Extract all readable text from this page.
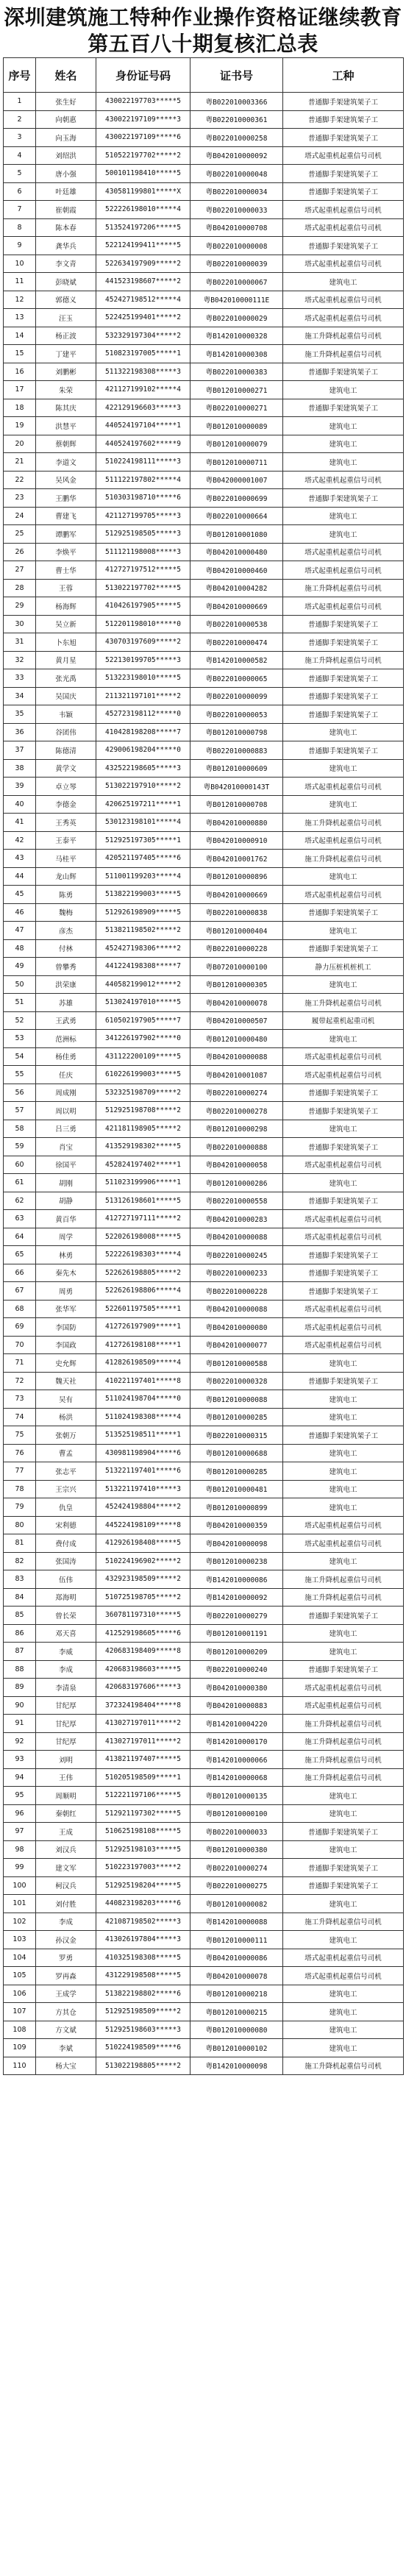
深圳建筑施工特种作业操作资格证继续教育
第五百八十期复核汇总表
序号	姓名	身份证号码	证书号	工种
1	张生好	430022197703*****5	粤B022010003366	普通脚手架建筑架子工
2	向朝惠	430022197109*****3	粤B022010000361	普通脚手架建筑架子工
3	向玉海	430022197109*****6	粤B022010000258	普通脚手架建筑架子工
4	刘绍洪	510522197702*****2	粤B042010000092	塔式起重机起重信号司机
5	唐小强	500101198410*****5	粤B022010000048	普通脚手架建筑架子工
6	叶廷雄	430581199801*****X	粤B022010000034	普通脚手架建筑架子工
7	崔朝霞	522226198010*****4	粤B022010000033	塔式起重机起重信号司机
8	陈本春	513524197206*****5	粤B042010000708	塔式起重机起重信号司机
9	龚华兵	522124199411*****5	粤B022010000008	普通脚手架建筑架子工
10	李文青	522634197909*****2	粤B022010000039	塔式起重机起重信号司机
11	彭晓斌	441523198607*****2	粤B022010000067	建筑电工
12	郭德义	452427198512*****4	粤B042010000111E	塔式起重机起重信号司机
13	汪玉	522425199401*****2	粤B022010000029	塔式起重机起重信号司机
14	杨正波	532329197304*****2	粤B142010000328	施工升降机起重信号司机
15	丁建平	510823197005*****1	粤B142010000308	施工升降机起重信号司机
16	刘鹏彬	511322198308*****3	粤B022010000383	普通脚手架建筑架子工
17	朱荣	421127199102*****4	粤B012010000271	建筑电工
18	陈其庆	422129196603*****3	粤B022010000271	普通脚手架建筑架子工
19	洪慧平	440524197104*****1	粤B012010000089	建筑电工
20	蔡朝辉	440524197602*****9	粤B012010000079	建筑电工
21	李道文	510224198111*****3	粤B012010000711	建筑电工
22	吴风金	511122197802*****4	粤B042000001007	塔式起重机起重信号司机
23	王鹏华	510303198710*****6	粤B022010000699	普通脚手架建筑架子工
24	曹建飞	421127199705*****3	粤B022010000664	建筑电工
25	谭鹏军	512925198505*****3	粤B012010001080	建筑电工
26	李焕平	511121198008*****3	粤B042010000480	塔式起重机起重信号司机
27	曹士华	412727197512*****5	粤B042010000460	塔式起重机起重信号司机
28	王蓉	513022197702*****5	粤B042010004282	施工升降机起重信号司机
29	杨海辉	410426197905*****5	粤B042010000669	塔式起重机起重信号司机
30	吴立新	512201198010*****0	粤B022010000538	普通脚手架建筑架子工
31	卜东旭	430703197609*****2	粤B022010000474	普通脚手架建筑架子工
32	黄月星	522130199705*****3	粤B142010000582	施工升降机起重信号司机
33	张光禹	513223198010*****5	粤B022010000065	普通脚手架建筑架子工
34	吴国庆	211321197101*****2	粤B022010000099	普通脚手架建筑架子工
35	韦颖	452723198112*****0	粤B022010000053	普通脚手架建筑架子工
36	谷团伟	410428198208*****7	粤B012010000798	建筑电工
37	陈德清	429006198204*****0	粤B022010000883	普通脚手架建筑架子工
38	黄学文	432522198605*****3	粤B012010000609	建筑电工
39	卓立琴	513022197910*****2	粤B042010000143T	塔式起重机起重信号司机
40	李德金	420625197211*****1	粤B012010000708	建筑电工
41	王秀英	530123198101*****4	粤B042010000880	施工升降机起重信号司机
42	王泰平	512925197305*****1	粤B042010000910	塔式起重机起重信号司机
43	马桂平	420521197405*****6	粤B042010001762	施工升降机起重信号司机
44	龙山辉	511001199203*****4	粤B012010000896	建筑电工
45	陈勇	513822199003*****5	粤B042010000669	塔式起重机起重信号司机
46	魏梅	512926198909*****5	粤B022010000838	普通脚手架建筑架子工
47	彦杰	513821198502*****2	粤B012010000404	建筑电工
48	付林	452427198306*****2	粤B022010000228	普通脚手架建筑架子工
49	曾攀秀	441224198308*****7	粤B072010000100	静力压桩机桩机工
50	洪荣康	440582199012*****2	粤B012010000305	建筑电工
51	苏雄	513024197010*****5	粤B042010000078	施工升降机起重信号司机
52	王武勇	610502197905*****7	粤B042010000507	履带起重机起重司机
53	范洲标	341226197902*****0	粤B012010000480	建筑电工
54	杨佳勇	431122200109*****5	粤B042010000088	塔式起重机起重信号司机
55	任庆	610226199003*****5	粤B042010001087	塔式起重机起重信号司机
56	周成刚	532325198709*****2	粤B022010000274	普通脚手架建筑架子工
57	周以明	512925198708*****2	粤B022010000278	普通脚手架建筑架子工
58	吕三勇	421181198905*****2	粤B012010000298	建筑电工
59	肖宝	413529198302*****5	粤B022010000888	普通脚手架建筑架子工
60	徐国平	452824197402*****1	粤B042010000058	塔式起重机起重信号司机
61	胡刚	511023199906*****1	粤B012010000286	建筑电工
62	胡静	513126198601*****5	粤B022010000558	普通脚手架建筑架子工
63	黄百华	412727197111*****2	粤B042010000283	塔式起重机起重信号司机
64	周学	522026198008*****5	粤B042010000088	塔式起重机起重信号司机
65	林勇	522226198303*****4	粤B022010000245	普通脚手架建筑架子工
66	秦先木	522626198805*****2	粤B022010000233	普通脚手架建筑架子工
67	周勇	522626198806*****4	粤B022010000228	普通脚手架建筑架子工
68	张华军	522601197505*****1	粤B042010000088	塔式起重机起重信号司机
69	李国防	412726197909*****1	粤B042010000080	塔式起重机起重信号司机
70	李国政	412726198108*****1	粤B042010000077	塔式起重机起重信号司机
71	史允辉	412826198509*****4	粤B012010000588	建筑电工
72	魏天社	410221197401*****8	粤B022010000328	普通脚手架建筑架子工
73	吴有	511024198704*****0	粤B012010000088	建筑电工
74	杨洪	511024198308*****4	粤B012010000285	建筑电工
75	张朝万	513525198511*****1	粤B022010000315	普通脚手架建筑架子工
76	曹孟	430981198904*****6	粤B012010000688	建筑电工
77	张志平	513221197401*****6	粤B012010000285	建筑电工
78	王宗兴	513221197410*****3	粤B012010000481	建筑电工
79	仇皇	452424198804*****2	粤B012010000899	建筑电工
80	宋利德	445224198109*****8	粤B042010000359	塔式起重机起重信号司机
81	费付成	412926198408*****5	粤B042010000098	塔式起重机起重信号司机
82	张国涛	510224196902*****2	粤B012010000238	建筑电工
83	伍伟	432923198509*****2	粤B142010000086	施工升降机起重信号司机
84	郑海明	510725198705*****2	粤B142010000092	施工升降机起重信号司机
85	曾长荣	360781197310*****5	粤B022010000279	普通脚手架建筑架子工
86	邓天喜	412529198605*****6	粤B012010001191	建筑电工
87	李威	420683198409*****8	粤B012010000209	建筑电工
88	李成	420683198603*****5	粤B022010000240	普通脚手架建筑架子工
89	李清泉	420683197606*****3	粤B042010000380	塔式起重机起重信号司机
90	甘纪厚	372324198404*****8	粤B042010000883	塔式起重机起重信号司机
91	甘纪厚	413027197011*****2	粤B142010004220	施工升降机起重信号司机
92	甘纪厚	413027197011*****2	粤B142010000170	施工升降机起重信号司机
93	刘明	413821197407*****5	粤B142010000066	施工升降机起重信号司机
94	王伟	510205198509*****1	粤B142010000068	施工升降机起重信号司机
95	周顺明	512221197106*****5	粤B012010000135	建筑电工
96	秦朝红	512921197302*****5	粤B012010000100	建筑电工
97	王成	510625198108*****5	粤B022010000033	普通脚手架建筑架子工
98	刘汉兵	512925198103*****5	粤B012010000380	建筑电工
99	建文军	510223197003*****2	粤B022010000274	普通脚手架建筑架子工
100	柯汉兵	512925198204*****5	粤B022010000275	普通脚手架建筑架子工
101	刘付胜	440823198203*****6	粤B012010000082	建筑电工
102	李成	421087198502*****3	粤B142010000088	施工升降机起重信号司机
103	孙汉金	413026197804*****3	粤B012010000111	建筑电工
104	罗勇	410325198308*****5	粤B042010000086	塔式起重机起重信号司机
105	罗再森	431229198508*****5	粤B042010000078	塔式起重机起重信号司机
106	王成学	513822198802*****6	粤B012010000218	建筑电工
107	方其仓	512925198509*****2	粤B012010000215	建筑电工
108	方文斌	512925198603*****3	粤B012010000080	建筑电工
109	李斌	510224198509*****6	粤B012010000102	建筑电工
110	杨大宝	513022198805*****2	粤B142010000098	施工升降机起重信号司机
